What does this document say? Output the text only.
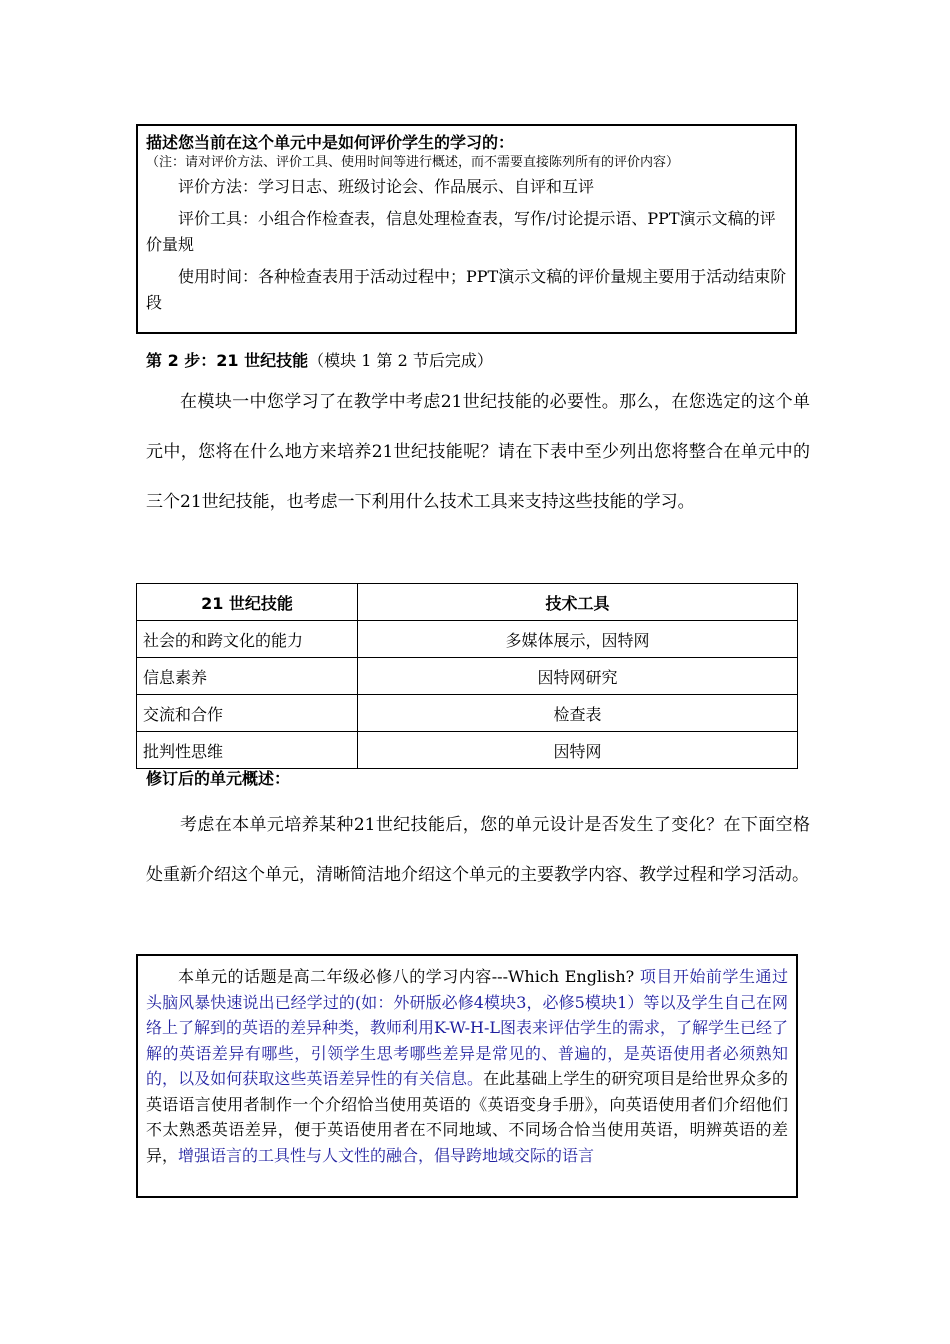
描述您当前在这个单元中是如何评价学生的学习的：

（注：请对评价方法、评价工具、使用时间等进行概述，而不需要直接陈列所有的评价内容）

评价方法：学习日志、班级讨论会、作品展示、自评和互评

评价工具：小组合作检查表，信息处理检查表，写作/讨论提示语、PPT演示文稿的评价量规

使用时间：各种检查表用于活动过程中；PPT演示文稿的评价量规主要用于活动结束阶段

第 2 步：21 世纪技能（模块 1 第 2 节后完成）

在模块一中您学习了在教学中考虑21世纪技能的必要性。那么，在您选定的这个单元中，您将在什么地方来培养21世纪技能呢？请在下表中至少列出您将整合在单元中的三个21世纪技能，也考虑一下利用什么技术工具来支持这些技能的学习。

21 世纪技能	技术工具
社会的和跨文化的能力	多媒体展示，因特网
信息素养	因特网研究
交流和合作	检查表
批判性思维	因特网

修订后的单元概述：

考虑在本单元培养某种21世纪技能后，您的单元设计是否发生了变化？在下面空格处重新介绍这个单元，清晰简洁地介绍这个单元的主要教学内容、教学过程和学习活动。

本单元的话题是高二年级必修八的学习内容---Which English? 项目开始前学生通过头脑风暴快速说出已经学过的(如：外研版必修4模块3，必修5模块1）等以及学生自己在网络上了解到的英语的差异种类，教师利用K-W-H-L图表来评估学生的需求，了解学生已经了解的英语差异有哪些，引领学生思考哪些差异是常见的、普遍的，是英语使用者必须熟知的，以及如何获取这些英语差异性的有关信息。在此基础上学生的研究项目是给世界众多的英语语言使用者制作一个介绍恰当使用英语的《英语变身手册》，向英语使用者们介绍他们不太熟悉英语差异，便于英语使用者在不同地域、不同场合恰当使用英语，明辨英语的差异，增强语言的工具性与人文性的融合，倡导跨地域交际的语言
